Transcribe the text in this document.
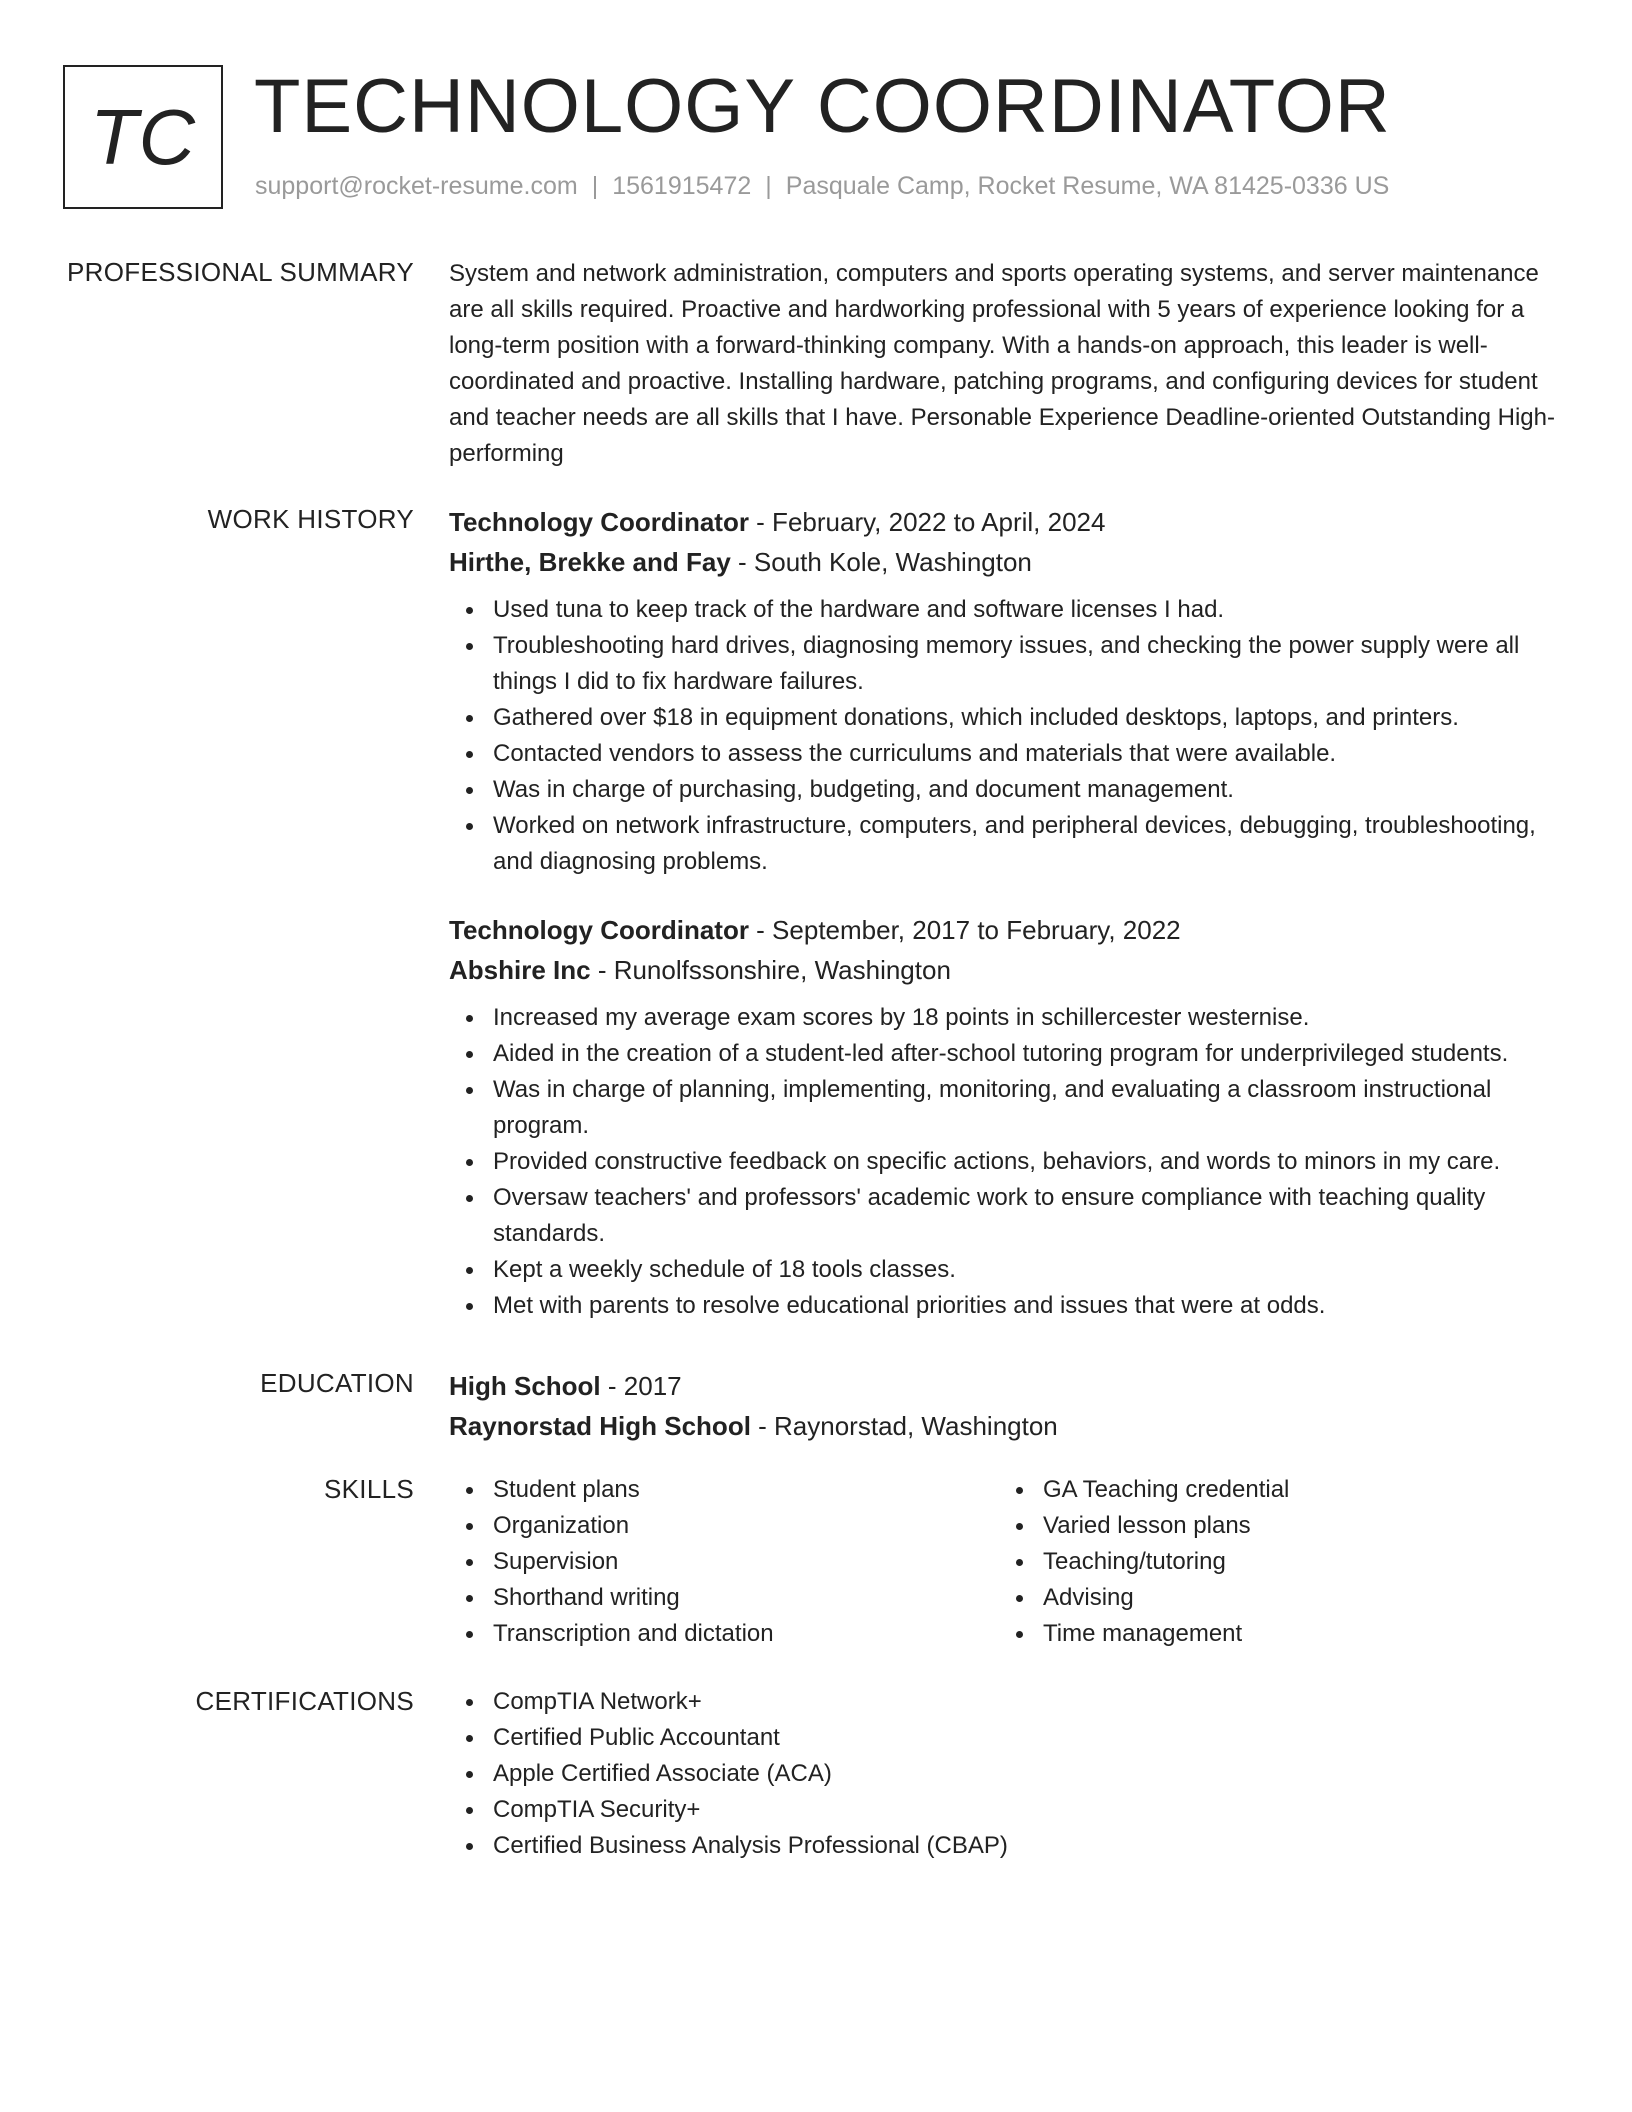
TC TECHNOLOGY COORDINATOR
support@rocket-resume.com | 1561915472 | Pasquale Camp, Rocket Resume, WA 81425-0336 US
PROFESSIONAL SUMMARY System and network administration, computers and sports operating systems, and server maintenance are all skills required. Proactive and hardworking professional with 5 years of experience looking for a long-term position with a forward-thinking company. With a hands-on approach, this leader is well-coordinated and proactive. Installing hardware, patching programs, and configuring devices for student and teacher needs are all skills that I have. Personable Experience Deadline-oriented Outstanding High-performing
WORK HISTORY Technology Coordinator - February, 2022 to April, 2024
Hirthe, Brekke and Fay - South Kole, Washington
Used tuna to keep track of the hardware and software licenses I had.
Troubleshooting hard drives, diagnosing memory issues, and checking the power supply were all things I did to fix hardware failures.
Gathered over $18 in equipment donations, which included desktops, laptops, and printers.
Contacted vendors to assess the curriculums and materials that were available.
Was in charge of purchasing, budgeting, and document management.
Worked on network infrastructure, computers, and peripheral devices, debugging, troubleshooting, and diagnosing problems.
Technology Coordinator - September, 2017 to February, 2022
Abshire Inc - Runolfssonshire, Washington
Increased my average exam scores by 18 points in schillercester westernise.
Aided in the creation of a student-led after-school tutoring program for underprivileged students.
Was in charge of planning, implementing, monitoring, and evaluating a classroom instructional program.
Provided constructive feedback on specific actions, behaviors, and words to minors in my care.
Oversaw teachers' and professors' academic work to ensure compliance with teaching quality standards.
Kept a weekly schedule of 18 tools classes.
Met with parents to resolve educational priorities and issues that were at odds.
EDUCATION High School - 2017
Raynorstad High School - Raynorstad, Washington
SKILLS	Student plans
Organization
Supervision
Shorthand writing
Transcription and dictation
GA Teaching credential
Varied lesson plans
Teaching/tutoring
Advising
Time management
CERTIFICATIONS	CompTIA Network+
Certified Public Accountant
Apple Certified Associate (ACA)
CompTIA Security+
Certified Business Analysis Professional (CBAP)
